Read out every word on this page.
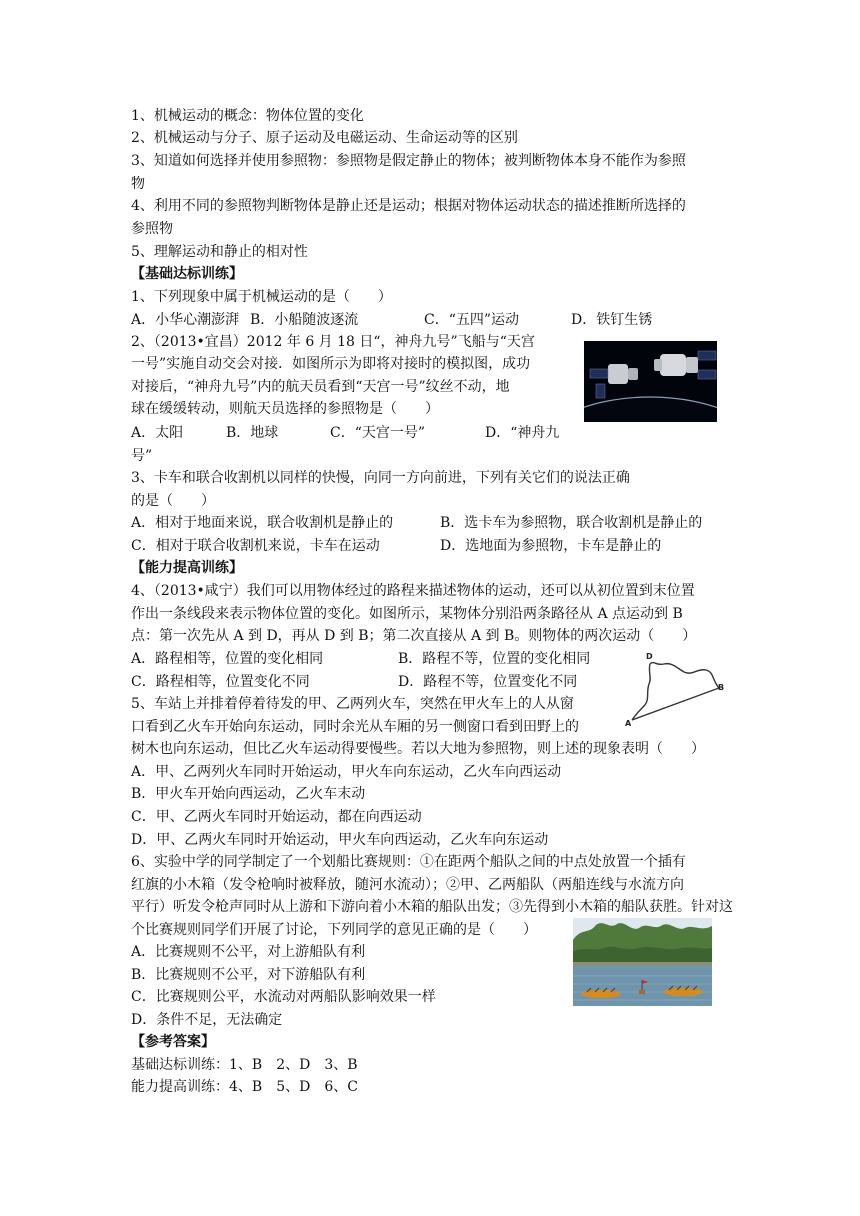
1、机械运动的概念：物体位置的变化
2、机械运动与分子、原子运动及电磁运动、生命运动等的区别
3、知道如何选择并使用参照物：参照物是假定静止的物体；被判断物体本身不能作为参照
物
4、利用不同的参照物判断物体是静止还是运动；根据对物体运动状态的描述推断所选择的
参照物
5、理解运动和静止的相对性
【基础达标训练】
1、下列现象中属于机械运动的是（　　）
A．小华心潮澎湃 B．小船随波逐流	C．“五四”运动	D．铁钉生锈
2、（2013•宜昌）2012 年 6 月 18 日“，神舟九号”飞船与“天宫
一号”实施自动交会对接．如图所示为即将对接时的模拟图，成功
对接后，“神舟九号”内的航天员看到“天宫一号”纹丝不动，地
球在缓缓转动，则航天员选择的参照物是（　　）
A．太阳	B．地球	C．“天宫一号”	D．“神舟九
号”
3、卡车和联合收割机以同样的快慢，向同一方向前进，下列有关它们的说法正确
的是（　　）
A．相对于地面来说，联合收割机是静止的	B．选卡车为参照物，联合收割机是静止的
C．相对于联合收割机来说，卡车在运动	D．选地面为参照物，卡车是静止的
【能力提高训练】
4、（2013•咸宁）我们可以用物体经过的路程来描述物体的运动，还可以从初位置到末位置
作出一条线段来表示物体位置的变化。如图所示，某物体分别沿两条路径从 A 点运动到 B
点：第一次先从 A 到 D，再从 D 到 B；第二次直接从 A 到 B。则物体的两次运动（　　）
A．路程相等，位置的变化相同	B．路程不等，位置的变化相同
C．路程相等，位置变化不同	D．路程不等，位置变化不同
D
B
A
5、车站上并排着停着待发的甲、乙两列火车，突然在甲火车上的人从窗
口看到乙火车开始向东运动，同时余光从车厢的另一侧窗口看到田野上的
树木也向东运动，但比乙火车运动得要慢些。若以大地为参照物，则上述的现象表明（　　）
A．甲、乙两列火车同时开始运动，甲火车向东运动，乙火车向西运动
B．甲火车开始向西运动，乙火车末动
C．甲、乙两火车同时开始运动，都在向西运动
D．甲、乙两火车同时开始运动，甲火车向西运动，乙火车向东运动
6、实验中学的同学制定了一个划船比赛规则：①在距两个船队之间的中点处放置一个插有
红旗的小木箱（发令枪响时被释放，随河水流动）；②甲、乙两船队（两船连线与水流方向
平行）听发令枪声同时从上游和下游向着小木箱的船队出发；③先得到小木箱的船队获胜。针对这
个比赛规则同学们开展了讨论，下列同学的意见正确的是（　　）
A．比赛规则不公平，对上游船队有利
B．比赛规则不公平，对下游船队有利
C．比赛规则公平，水流动对两船队影响效果一样
D．条件不足，无法确定
【参考答案】
基础达标训练：1、B　2、D　3、B
能力提高训练：4、B　5、D　6、C
